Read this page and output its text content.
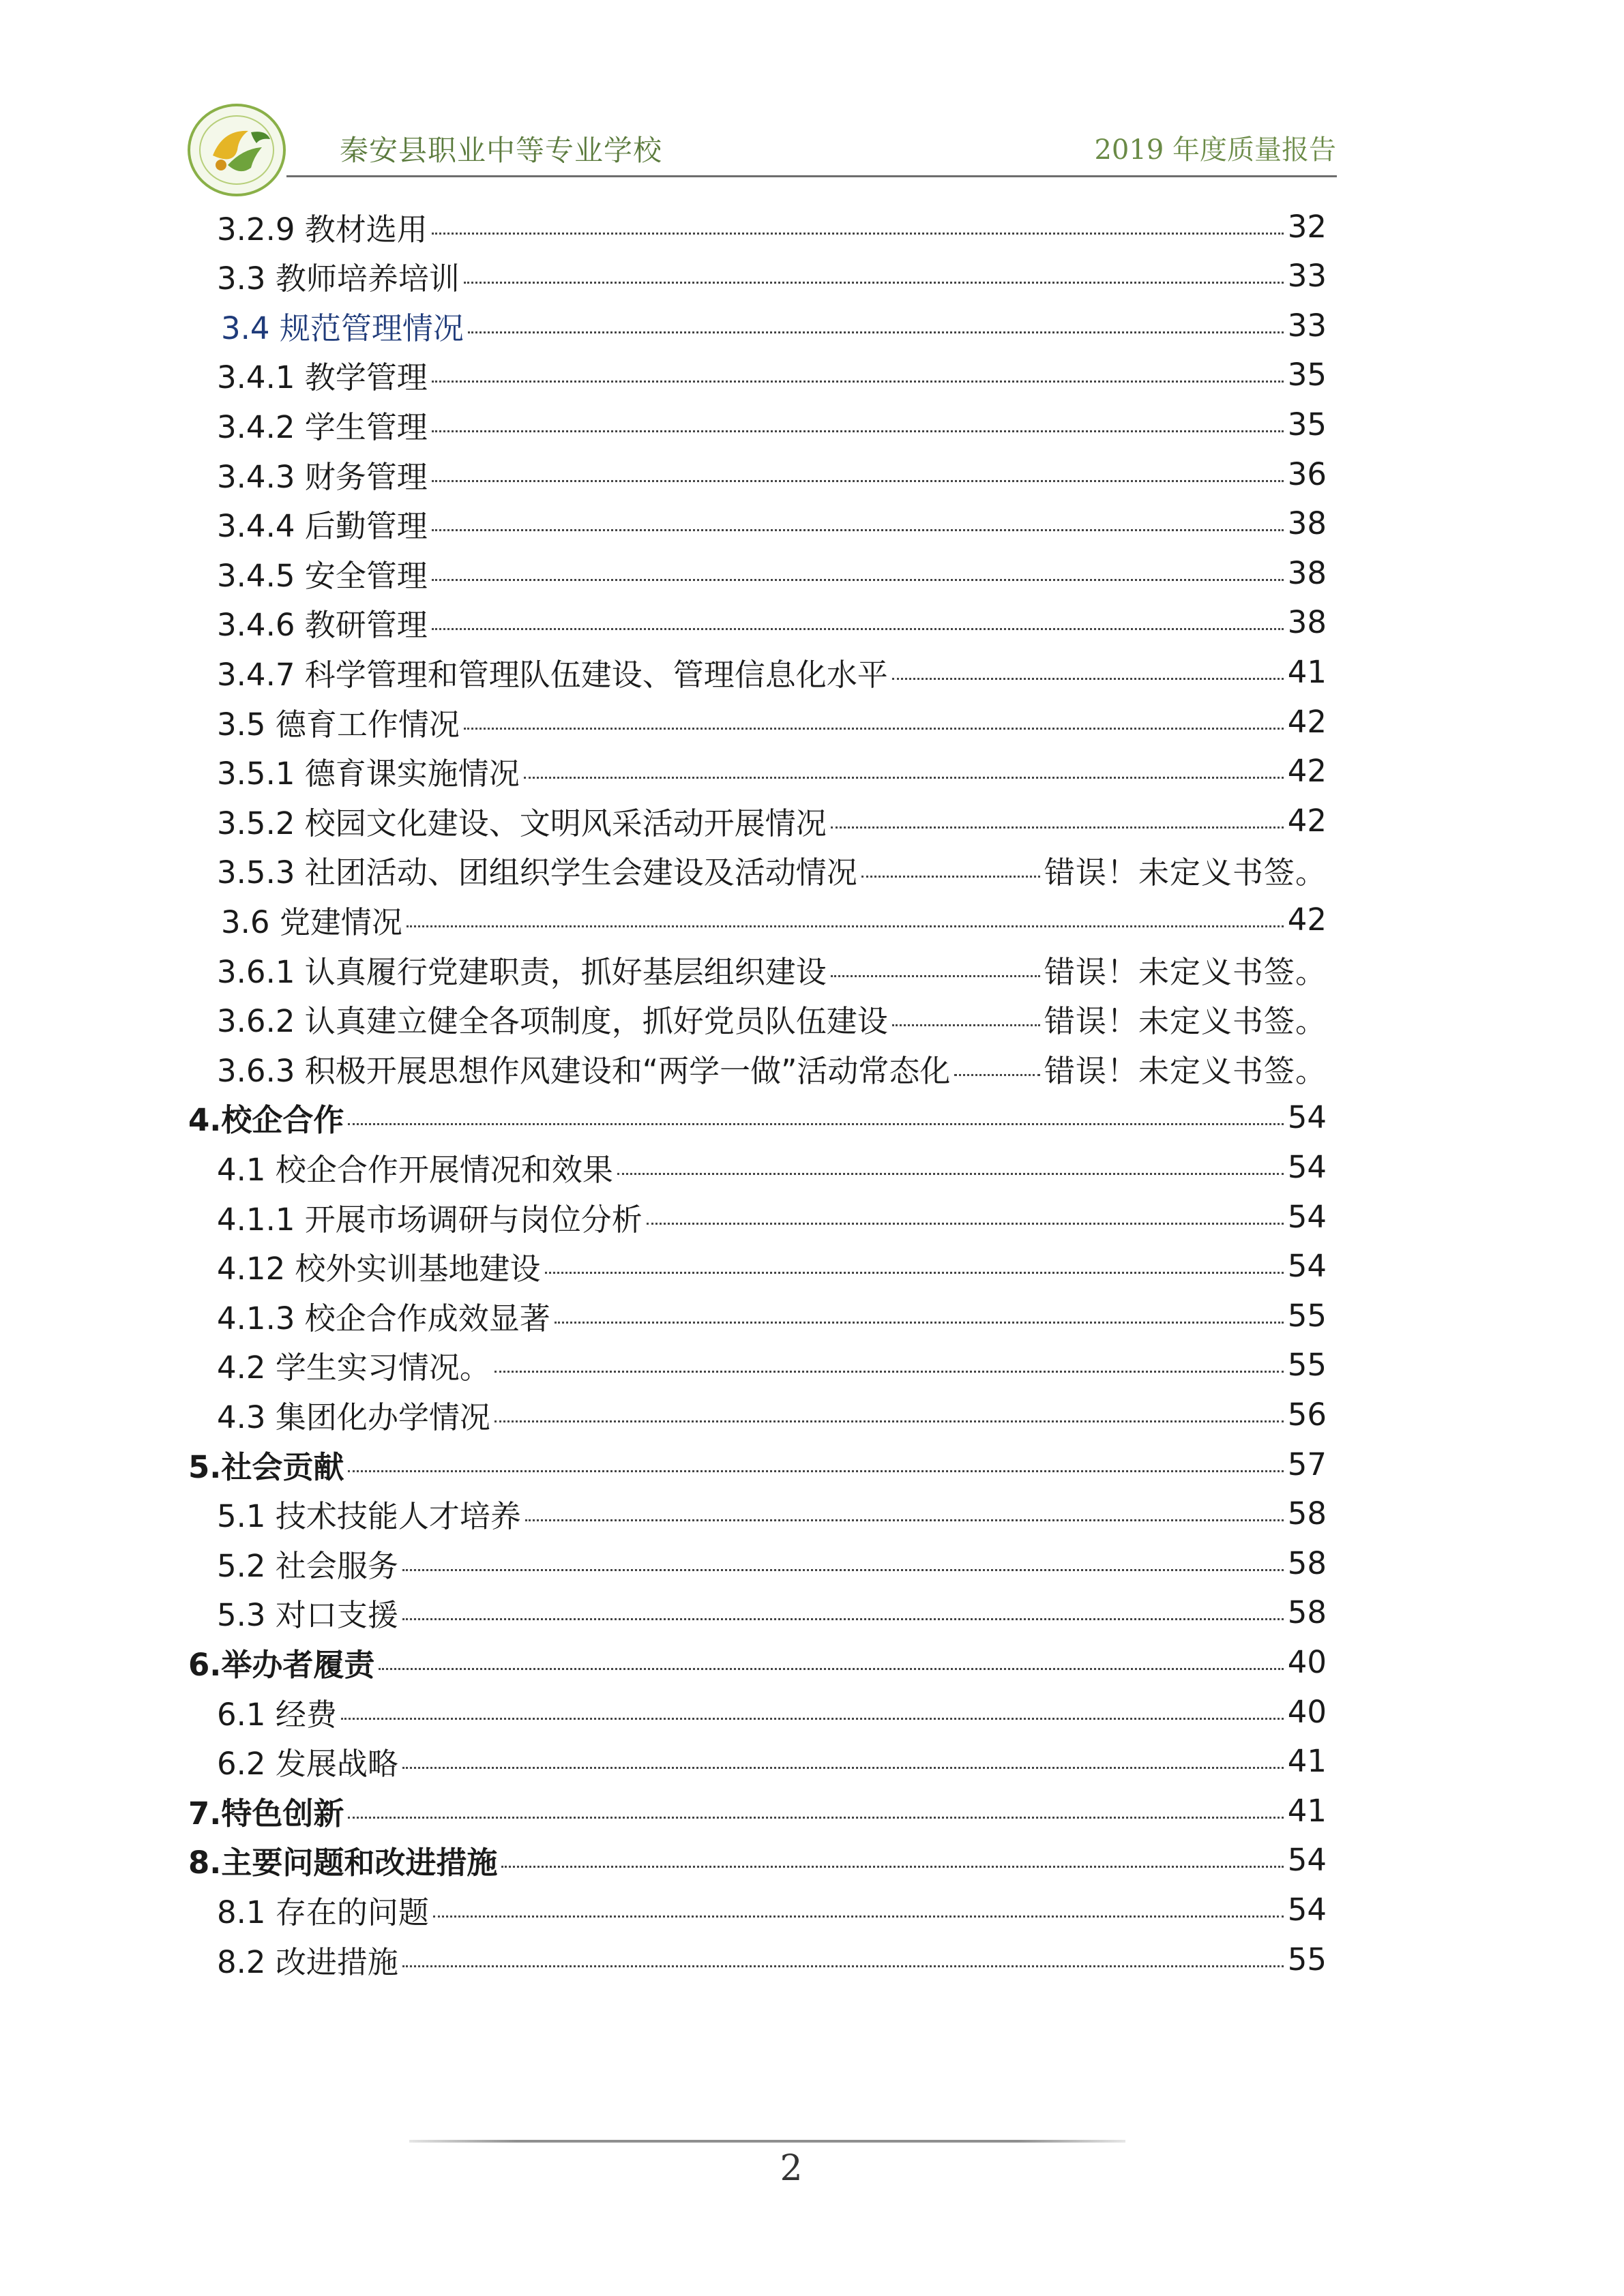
秦安县职业中等专业学校	2019 年度质量报告
3.2.9 教材选用	32
3.3 教师培养培训	33
3.4 规范管理情况	33
3.4.1 教学管理	35
3.4.2 学生管理	35
3.4.3 财务管理	36
3.4.4 后勤管理	38
3.4.5 安全管理	38
3.4.6 教研管理	38
3.4.7 科学管理和管理队伍建设、管理信息化水平	41
3.5 德育工作情况	42
3.5.1 德育课实施情况	42
3.5.2 校园文化建设、文明风采活动开展情况	42
3.5.3 社团活动、团组织学生会建设及活动情况	错误！未定义书签。
3.6 党建情况	42
3.6.1 认真履行党建职责，抓好基层组织建设	错误！未定义书签。
3.6.2 认真建立健全各项制度，抓好党员队伍建设	错误！未定义书签。
3.6.3 积极开展思想作风建设和“两学一做”活动常态化	错误！未定义书签。
4.校企合作	54
4.1 校企合作开展情况和效果	54
4.1.1 开展市场调研与岗位分析	54
4.12 校外实训基地建设	54
4.1.3 校企合作成效显著	55
4.2 学生实习情况。	55
4.3 集团化办学情况	56
5.社会贡献	57
5.1 技术技能人才培养	58
5.2 社会服务	58
5.3 对口支援	58
6.举办者履责	40
6.1 经费	40
6.2 发展战略	41
7.特色创新	41
8.主要问题和改进措施	54
8.1 存在的问题	54
8.2 改进措施	55
2
